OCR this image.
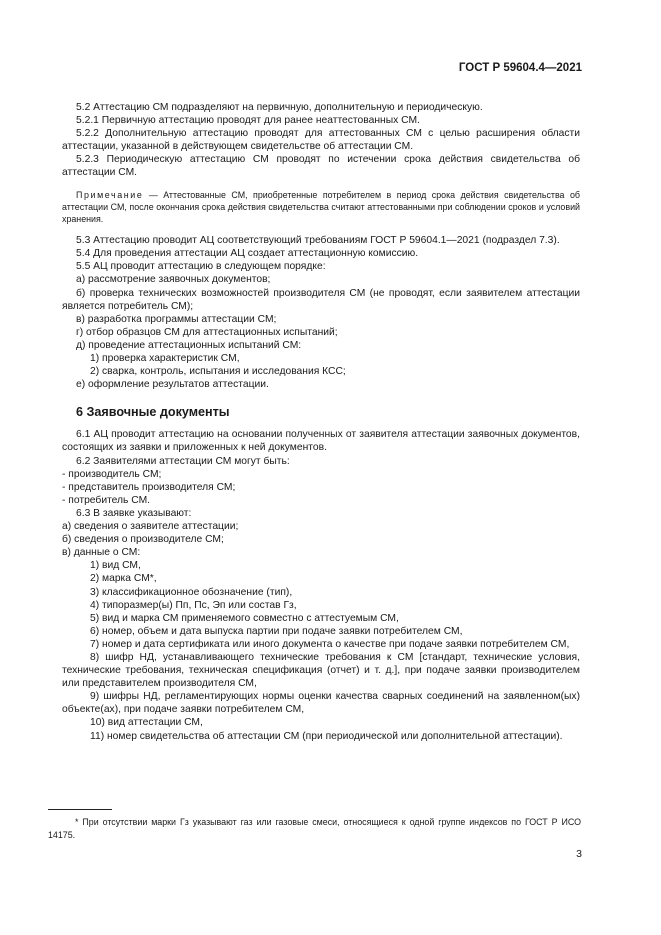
ГОСТ Р 59604.4—2021

5.2 Аттестацию СМ подразделяют на первичную, дополнительную и периодическую.

5.2.1 Первичную аттестацию проводят для ранее неаттестованных СМ.

5.2.2 Дополнительную аттестацию проводят для аттестованных СМ с целью расширения области аттестации, указанной в действующем свидетельстве об аттестации СМ.

5.2.3 Периодическую аттестацию СМ проводят по истечении срока действия свидетельства об аттестации СМ.

Примечание — Аттестованные СМ, приобретенные потребителем в период срока действия свидетельства об аттестации СМ, после окончания срока действия свидетельства считают аттестованными при соблюдении сроков и условий хранения.

5.3 Аттестацию проводит АЦ соответствующий требованиям ГОСТ Р 59604.1—2021 (подраздел 7.3).

5.4 Для проведения аттестации АЦ создает аттестационную комиссию.

5.5 АЦ проводит аттестацию в следующем порядке:

а) рассмотрение заявочных документов;

б) проверка технических возможностей производителя СМ (не проводят, если заявителем аттестации является потребитель СМ);

в) разработка программы аттестации СМ;

г) отбор образцов СМ для аттестационных испытаний;

д) проведение аттестационных испытаний СМ:

1) проверка характеристик СМ,

2) сварка, контроль, испытания и исследования КСС;

е) оформление результатов аттестации.

6 Заявочные документы

6.1 АЦ проводит аттестацию на основании полученных от заявителя аттестации заявочных документов, состоящих из заявки и приложенных к ней документов.

6.2 Заявителями аттестации СМ могут быть:

- производитель СМ;

- представитель производителя СМ;

- потребитель СМ.

6.3 В заявке указывают:

а) сведения о заявителе аттестации;

б) сведения о производителе СМ;

в) данные о СМ:

1) вид СМ,

2) марка СМ*,

3) классификационное обозначение (тип),

4) типоразмер(ы) Пп, Пс, Эп или состав Гз,

5) вид и марка СМ применяемого совместно с аттестуемым СМ,

6) номер, объем и дата выпуска партии при подаче заявки потребителем СМ,

7) номер и дата сертификата или иного документа о качестве при подаче заявки потребителем СМ,

8) шифр НД, устанавливающего технические требования к СМ [стандарт, технические условия, технические требования, техническая спецификация (отчет) и т. д.], при подаче заявки производителем или представителем производителя СМ,

9) шифры НД, регламентирующих нормы оценки качества сварных соединений на заявленном(ых) объекте(ах), при подаче заявки потребителем СМ,

10) вид аттестации СМ,

11) номер свидетельства об аттестации СМ (при периодической или дополнительной аттестации).

* При отсутствии марки Гз указывают газ или газовые смеси, относящиеся к одной группе индексов по ГОСТ Р ИСО 14175.

3
